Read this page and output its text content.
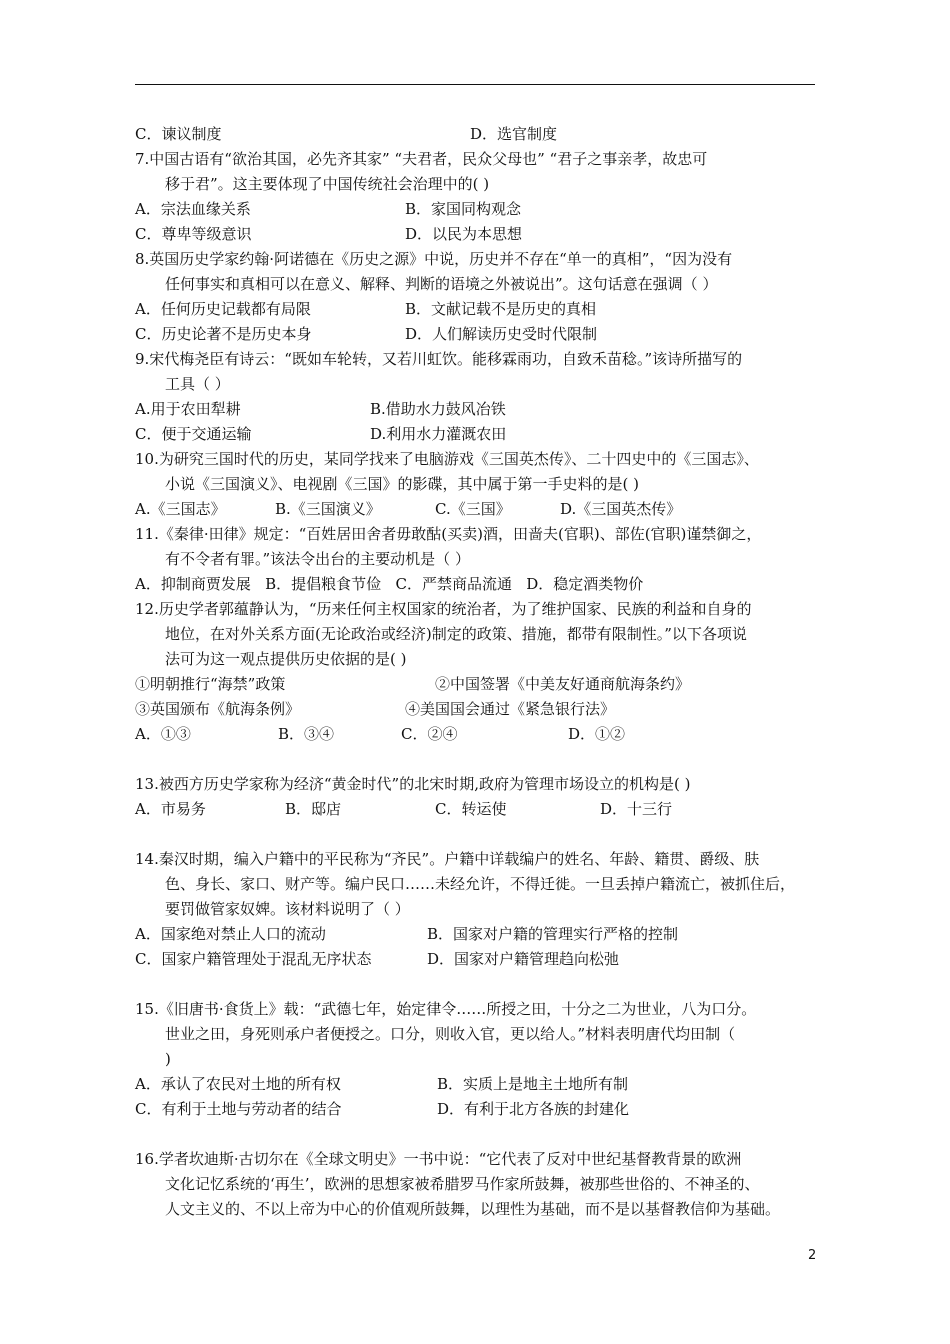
C．谏议制度	D．选官制度
7.中国古语有“欲治其国，必先齐其家” “夫君者，民众父母也” “君子之事亲孝，故忠可
移于君”。这主要体现了中国传统社会治理中的( )
A．宗法血缘关系	B．家国同构观念
C．尊卑等级意识	D．以民为本思想
8.英国历史学家约翰·阿诺德在《历史之源》中说，历史并不存在“单一的真相”，“因为没有
任何事实和真相可以在意义、解释、判断的语境之外被说出”。这句话意在强调（ ）
A．任何历史记载都有局限	B．文献记载不是历史的真相
C．历史论著不是历史本身	D．人们解读历史受时代限制
9.宋代梅尧臣有诗云：“既如车轮转，又若川虹饮。能移霖雨功，自致禾苗稔。”该诗所描写的
工具（ ）
A.用于农田犁耕	B.借助水力鼓风冶铁
C．便于交通运输	D.利用水力灌溉农田
10.为研究三国时代的历史，某同学找来了电脑游戏《三国英杰传》、二十四史中的《三国志》、
小说《三国演义》、电视剧《三国》的影碟，其中属于第一手史料的是( )
A.《三国志》	B.《三国演义》	C.《三国》	D.《三国英杰传》
11.《秦律·田律》规定：“百姓居田舍者毋敢酤(买卖)酒，田啬夫(官职)、部佐(官职)谨禁御之，
有不令者有罪。”该法令出台的主要动机是（ ）
A．抑制商贾发展   B．提倡粮食节俭   C．严禁商品流通   D．稳定酒类物价
12.历史学者郭蕴静认为，“历来任何主权国家的统治者，为了维护国家、民族的利益和自身的
地位，在对外关系方面(无论政治或经济)制定的政策、措施，都带有限制性。”以下各项说
法可为这一观点提供历史依据的是( )
①明朝推行“海禁”政策	②中国签署《中美友好通商航海条约》
③英国颁布《航海条例》	④美国国会通过《紧急银行法》
A．①③	B．③④	C．②④	D．①②
13.被西方历史学家称为经济“黄金时代”的北宋时期,政府为管理市场设立的机构是( )
A．市易务	B．邸店	C．转运使	D．十三行
14.秦汉时期，编入户籍中的平民称为“齐民”。户籍中详载编户的姓名、年龄、籍贯、爵级、肤
色、身长、家口、财产等。编户民口……未经允许，不得迁徙。一旦丢掉户籍流亡，被抓住后，
要罚做管家奴婢。该材料说明了（ ）
A．国家绝对禁止人口的流动	B．国家对户籍的管理实行严格的控制
C．国家户籍管理处于混乱无序状态	D．国家对户籍管理趋向松弛
15.《旧唐书·食货上》载：“武德七年，始定律令……所授之田，十分之二为世业，八为口分。
世业之田，身死则承户者便授之。口分，则收入官，更以给人。”材料表明唐代均田制（
)
A．承认了农民对土地的所有权	B．实质上是地主土地所有制
C．有利于土地与劳动者的结合	D．有利于北方各族的封建化
16.学者坎迪斯·古切尔在《全球文明史》一书中说：“它代表了反对中世纪基督教背景的欧洲
文化记忆系统的‘再生’，欧洲的思想家被希腊罗马作家所鼓舞，被那些世俗的、不神圣的、
人文主义的、不以上帝为中心的价值观所鼓舞，以理性为基础，而不是以基督教信仰为基础。
2
